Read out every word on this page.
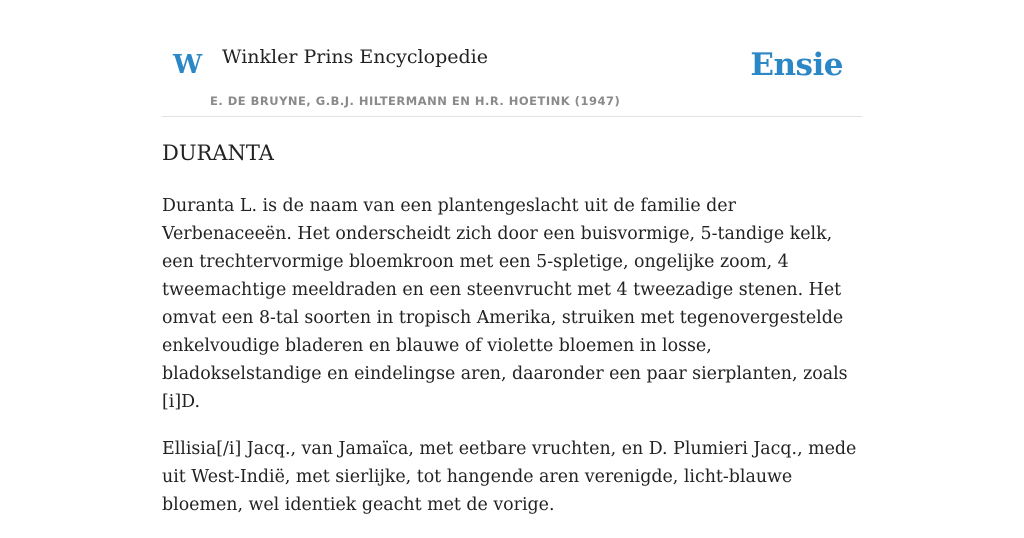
W Winkler Prins Encyclopedie
E. DE BRUYNE, G.B.J. HILTERMANN EN H.R. HOETINK (1947)
Ensie
DURANTA

Duranta L. is de naam van een plantengeslacht uit de familie der Verbenaceeën. Het onderscheidt zich door een buisvormige, 5-tandige kelk, een trechtervormige bloemkroon met een 5-spletige, ongelijke zoom, 4 tweemachtige meeldraden en een steenvrucht met 4 tweezadige stenen. Het omvat een 8-tal soorten in tropisch Amerika, struiken met tegenovergestelde enkelvoudige bladeren en blauwe of violette bloemen in losse, bladokselstandige en eindelingse aren, daaronder een paar sierplanten, zoals [i]D.

Ellisia[/i] Jacq., van Jamaïca, met eetbare vruchten, en D. Plumieri Jacq., mede uit West-Indië, met sierlijke, tot hangende aren verenigde, licht-blauwe bloemen, wel identiek geacht met de vorige.
